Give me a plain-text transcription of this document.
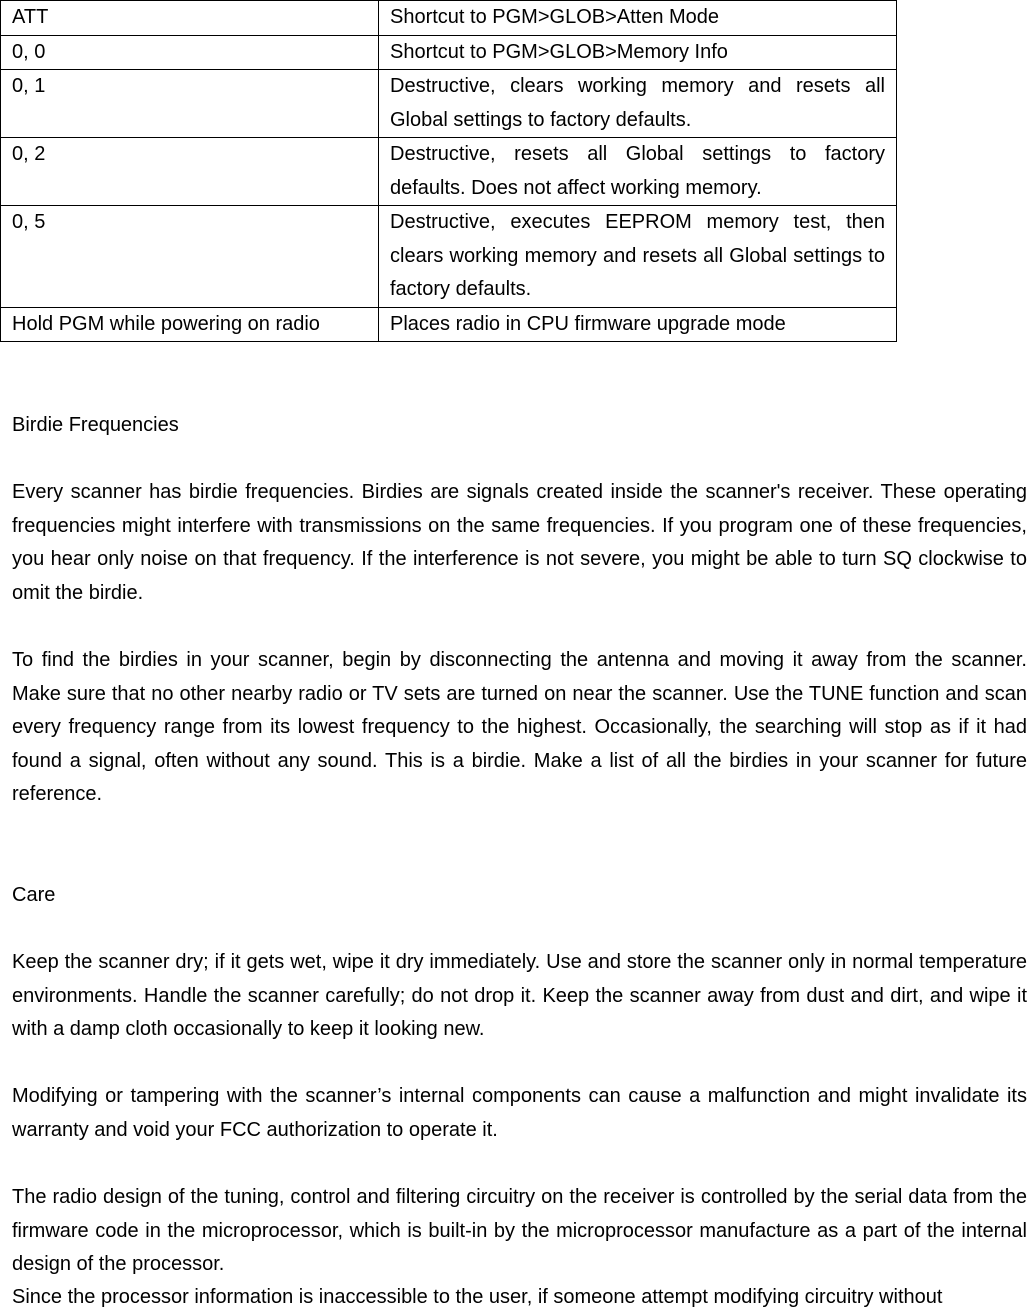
ATT	Shortcut to PGM>GLOB>Atten Mode
0, 0	Shortcut to PGM>GLOB>Memory Info
0, 1	Destructive, clears working memory and resets all Global settings to factory defaults.
0, 2	Destructive, resets all Global settings to factory defaults. Does not affect working memory.
0, 5	Destructive, executes EEPROM memory test, then clears working memory and resets all Global settings to factory defaults.
Hold PGM while powering on radio	Places radio in CPU firmware upgrade mode

Birdie Frequencies

Every scanner has birdie frequencies. Birdies are signals created inside the scanner's receiver. These operating frequencies might interfere with transmissions on the same frequencies. If you program one of these frequencies, you hear only noise on that frequency. If the interference is not severe, you might be able to turn SQ clockwise to omit the birdie.

To find the birdies in your scanner, begin by disconnecting the antenna and moving it away from the scanner. Make sure that no other nearby radio or TV sets are turned on near the scanner. Use the TUNE function and scan every frequency range from its lowest frequency to the highest. Occasionally, the searching will stop as if it had found a signal, often without any sound. This is a birdie. Make a list of all the birdies in your scanner for future reference.

Care

Keep the scanner dry; if it gets wet, wipe it dry immediately. Use and store the scanner only in normal temperature environments. Handle the scanner carefully; do not drop it. Keep the scanner away from dust and dirt, and wipe it with a damp cloth occasionally to keep it looking new.

Modifying or tampering with the scanner’s internal components can cause a malfunction and might invalidate its warranty and void your FCC authorization to operate it.

The radio design of the tuning, control and filtering circuitry on the receiver is controlled by the serial data from the firmware code in the microprocessor, which is built-in by the microprocessor manufacture as a part of the internal design of the processor.

Since the processor information is inaccessible to the user, if someone attempt modifying circuitry without
